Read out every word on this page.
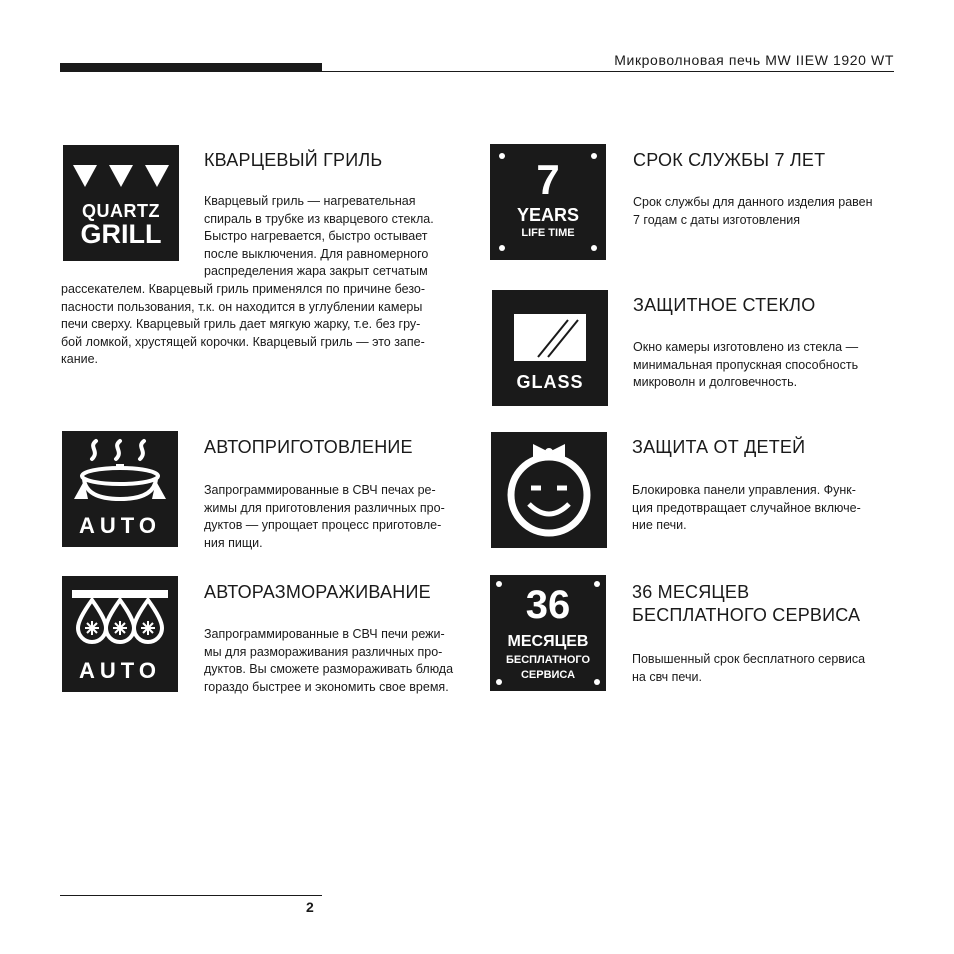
Микроволновая печь MW IIEW 1920 WT
QUARTZ
GRILL
КВАРЦЕВЫЙ ГРИЛЬ
Кварцевый гриль — нагревательная
спираль в трубке из кварцевого стекла.
Быстро нагревается, быстро остывает
после выключения. Для равномерного
распределения жара закрыт сетчатым
рассекателем. Кварцевый гриль применялся по причине безо-
пасности пользования, т.к. он находится в углублении камеры
печи сверху. Кварцевый гриль дает мягкую жарку, т.е. без гру-
бой ломкой, хрустящей корочки. Кварцевый гриль — это запе-
кание.
AUTO
АВТОПРИГОТОВЛЕНИЕ
Запрограммированные в СВЧ печах ре-
жимы для приготовления различных про-
дуктов — упрощает процесс приготовле-
ния пищи.
AUTO
АВТОРАЗМОРАЖИВАНИЕ
Запрограммированные в СВЧ печи режи-
мы для размораживания различных про-
дуктов. Вы сможете размораживать блюда
гораздо быстрее и экономить свое время.
7
YEARS
LIFE TIME
СРОК СЛУЖБЫ 7 ЛЕТ
Срок службы для данного изделия равен
7 годам с даты изготовления
GLASS
ЗАЩИТНОЕ СТЕКЛО
Окно камеры изготовлено из стекла —
минимальная пропускная способность
микроволн и долговечность.
ЗАЩИТА ОТ ДЕТЕЙ
Блокировка панели управления. Функ-
ция предотвращает случайное включе-
ние печи.
36
МЕСЯЦЕВ
БЕСПЛАТНОГО
СЕРВИСА
36 МЕСЯЦЕВ
БЕСПЛАТНОГО СЕРВИСА
Повышенный срок бесплатного сервиса
на свч печи.
2
